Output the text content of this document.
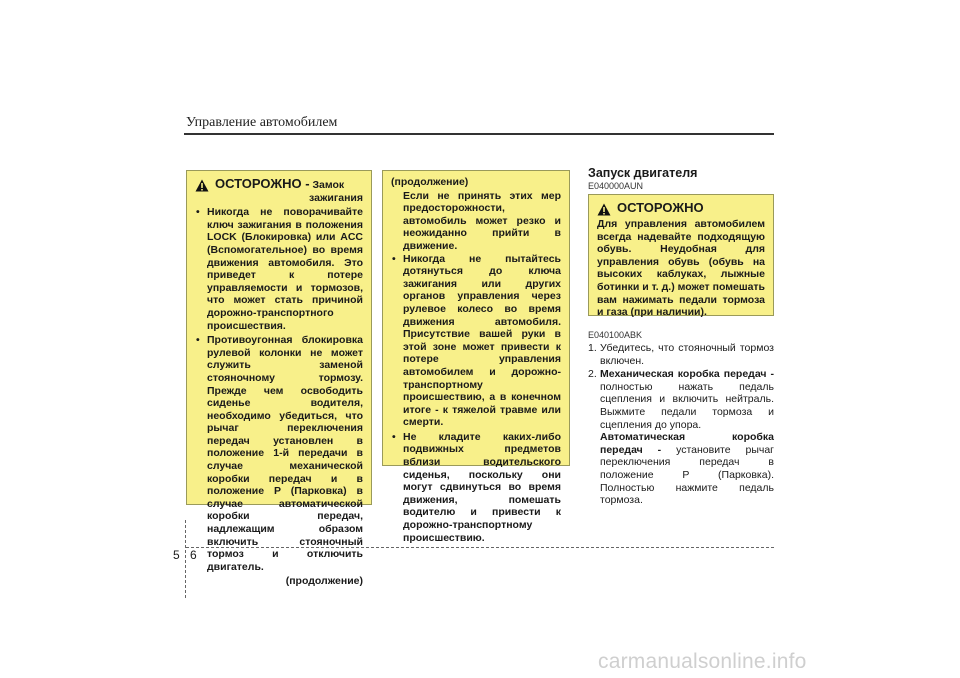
Управление автомобилем
ОСТОРОЖНО - Замок
зажигания
• Никогда не поворачивайте ключ зажигания в положения LOCK (Блокировка) или ACC (Вспомогательное) во время движения автомобиля. Это приведет к потере управляемости и тормозов, что может стать причиной дорожно-транспортного происшествия.
• Противоугонная блокировка рулевой колонки не может служить заменой стояночному тормозу. Прежде чем освободить сиденье водителя, необходимо убедиться, что рычаг переключения передач установлен в положение 1-й передачи в случае механической коробки передач и в положение P (Парковка) в случае автоматической коробки передач, надлежащим образом включить стояночный тормоз и отключить двигатель.
(продолжение)
(продолжение)
Если не принять этих мер предосторожности, автомобиль может резко и неожиданно прийти в движение.
• Никогда не пытайтесь дотянуться до ключа зажигания или других органов управления через рулевое колесо во время движения автомобиля. Присутствие вашей руки в этой зоне может привести к потере управления автомобилем и дорожно-транспортному происшествию, а в конечном итоге - к тяжелой травме или смерти.
• Не кладите каких-либо подвижных предметов вблизи водительского сиденья, поскольку они могут сдвинуться во время движения, помешать водителю и привести к дорожно-транспортному происшествию.
Запуск двигателя
E040000AUN
ОСТОРОЖНО
Для управления автомобилем всегда надевайте подходящую обувь. Неудобная для управления обувь (обувь на высоких каблуках, лыжные ботинки и т. д.) может помешать вам нажимать педали тормоза и газа (при наличии).
E040100ABK
1. Убедитесь, что стояночный тормоз включен.
2. Механическая коробка передач - полностью нажать педаль сцепления и включить нейтраль. Выжмите педали тормоза и сцепления до упора.
Автоматическая коробка передач - установите рычаг переключения передач в положение P (Парковка). Полностью нажмите педаль тормоза.
5 6
carmanualsonline.info
